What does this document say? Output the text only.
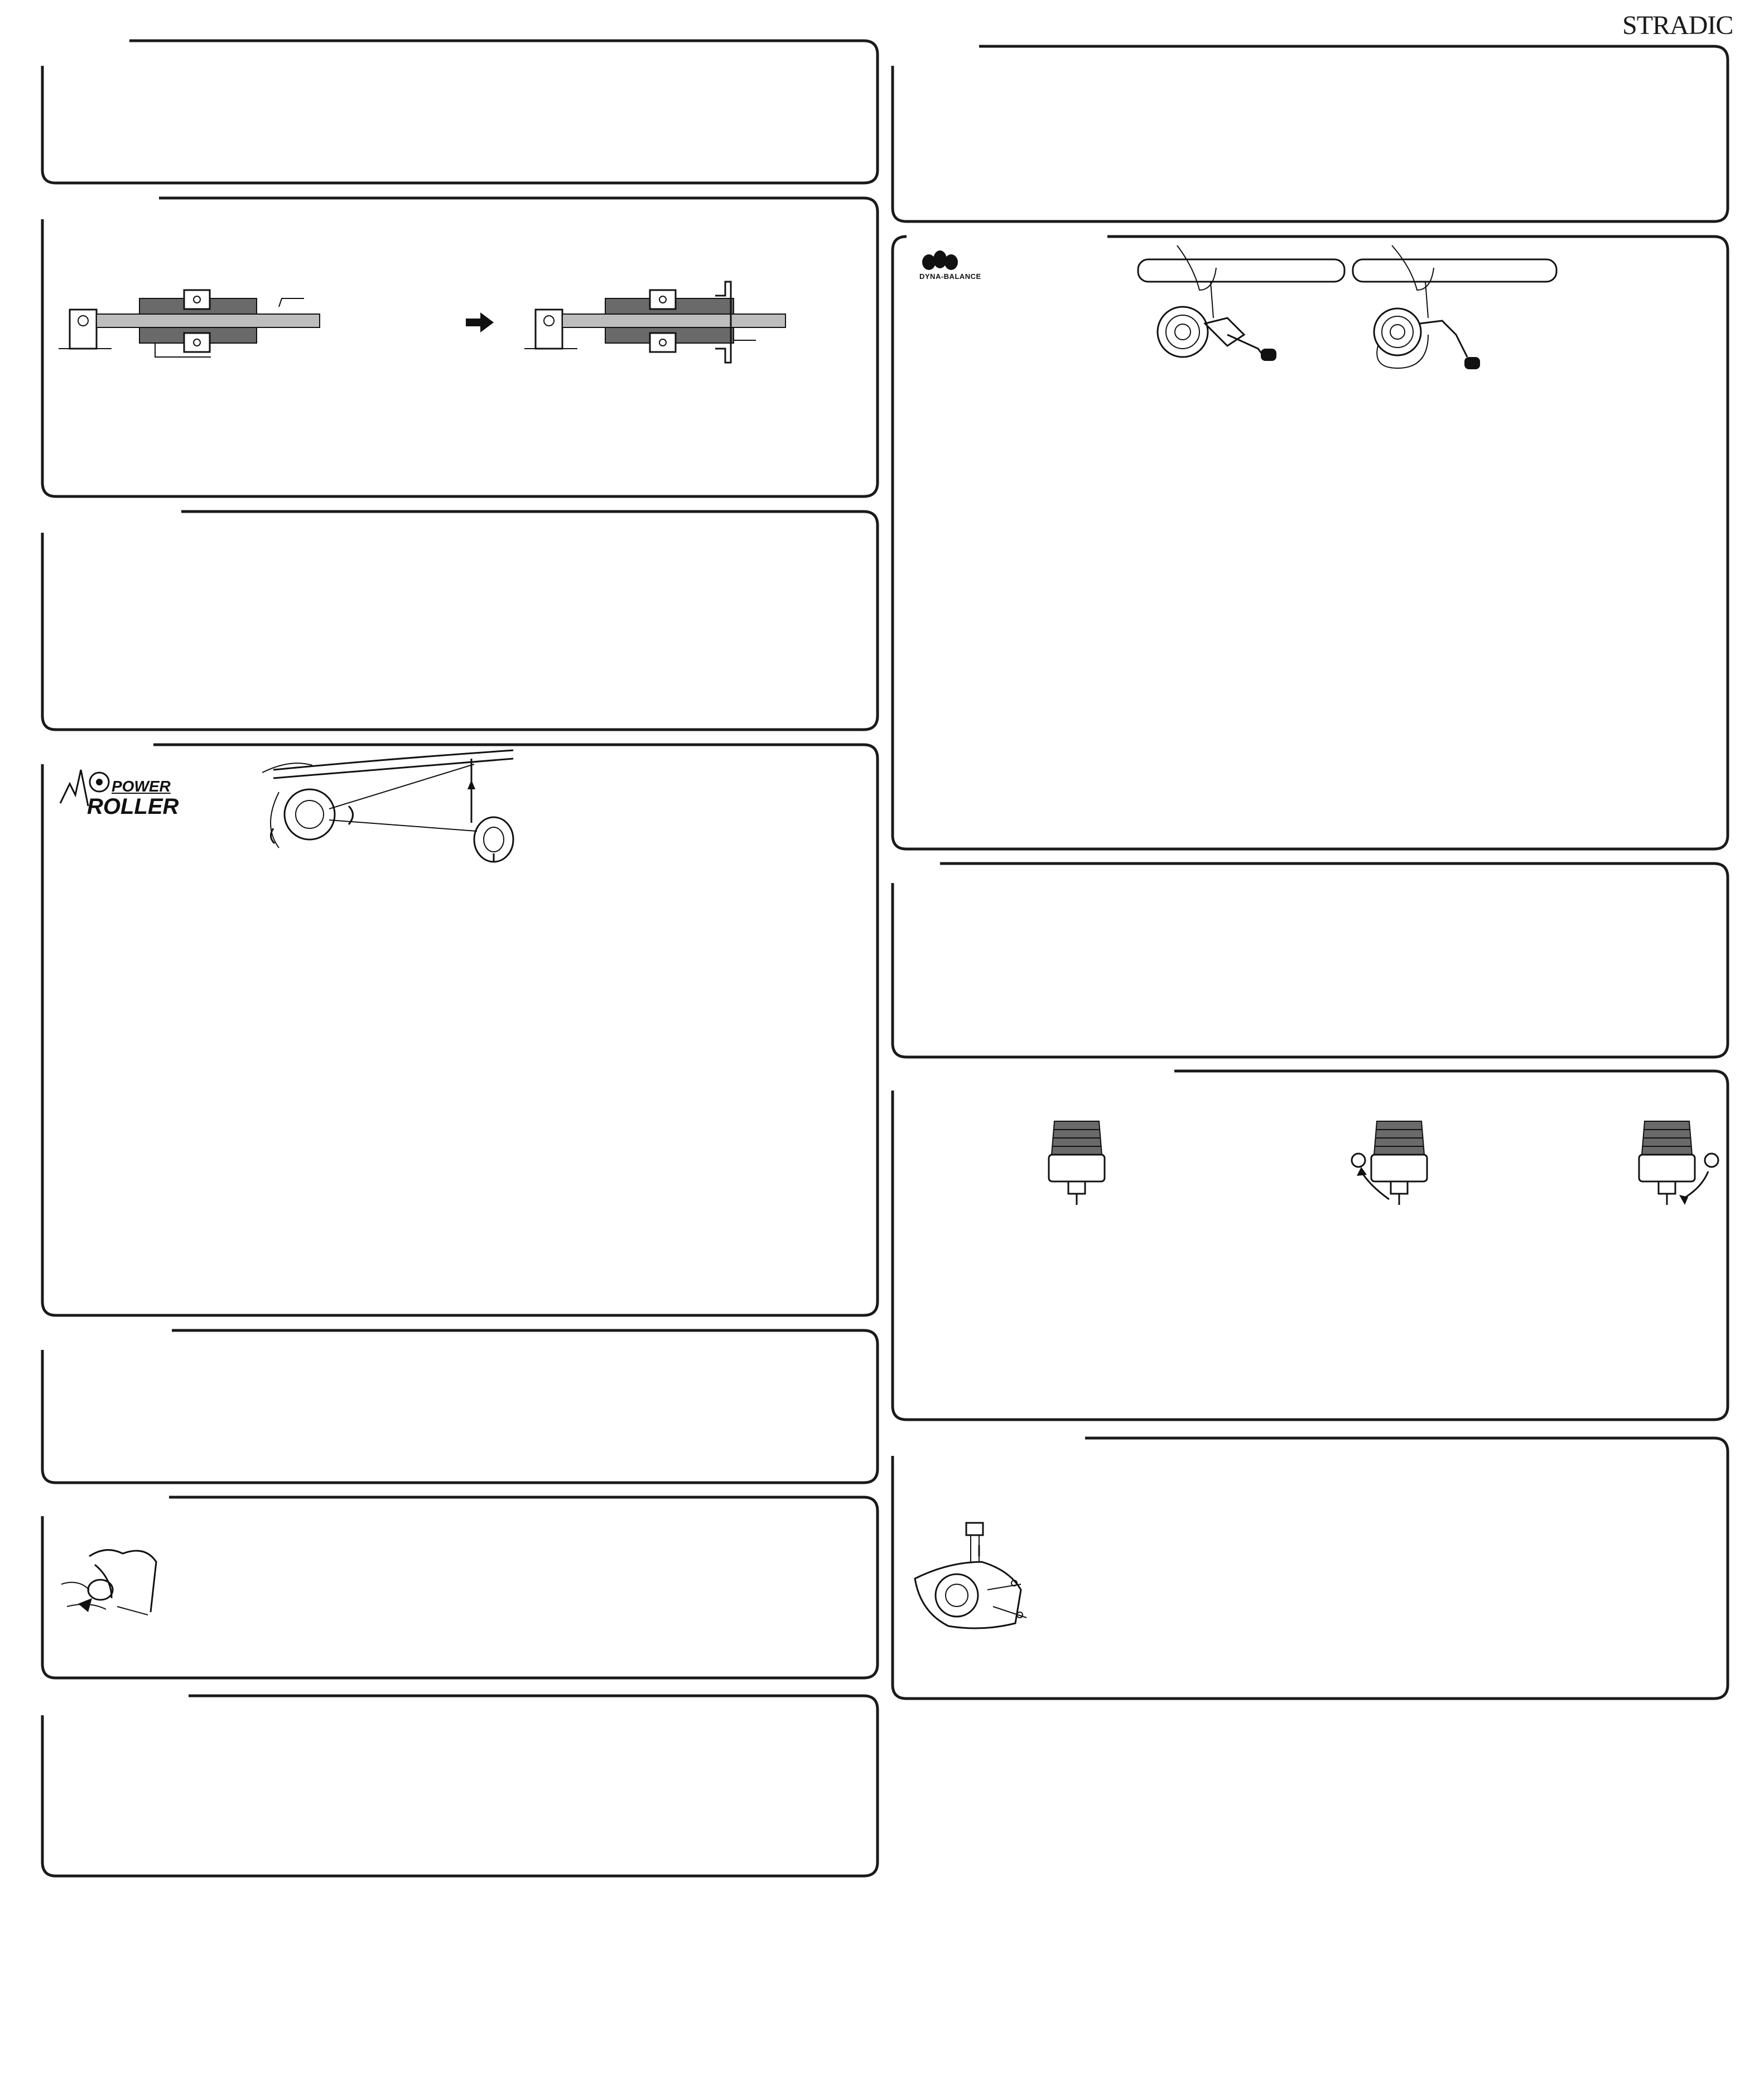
STRADIC
DYNA-BALANCE
POWER
ROLLER
